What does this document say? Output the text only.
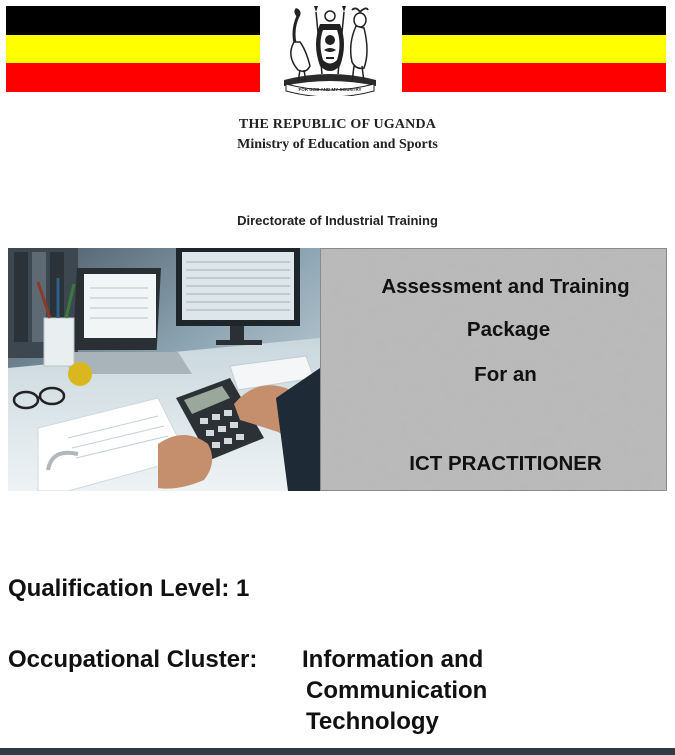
FOR GOD AND MY COUNTRY
THE REPUBLIC OF UGANDA
Ministry of Education and Sports
Directorate of Industrial Training
Assessment and Training
Package
For an
ICT PRACTITIONER
Qualification Level: 1
Occupational Cluster: Information and
Communication
Technology
